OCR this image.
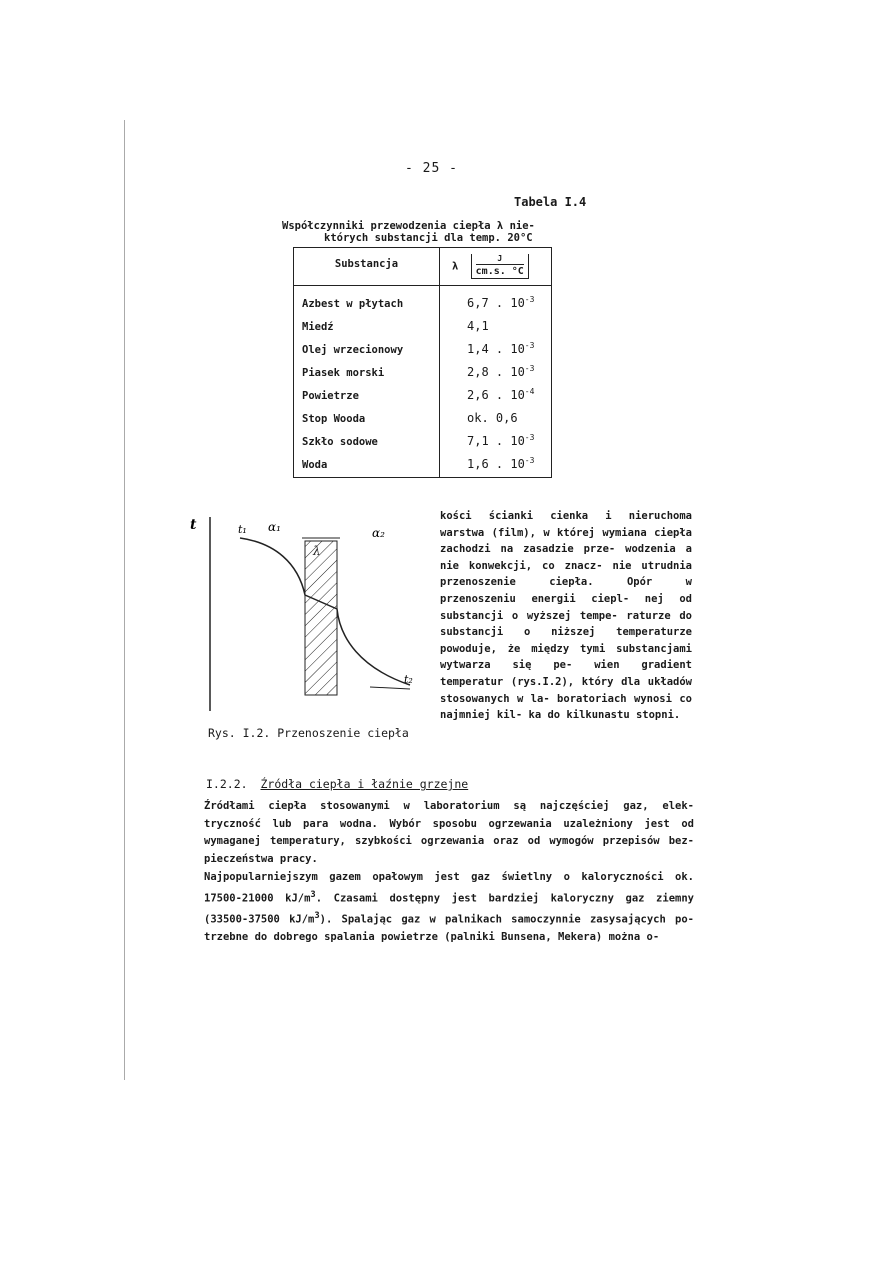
- 25 -
Tabela I.4
Współczynniki przewodzenia ciepła λ nie-
których substancji dla temp. 20°C
Substancja	λ $\frac{J}{cm.s. ^\circ C}$
Azbest w płytach	6,7 . $10^{-3}$
Miedź	4,1
Olej wrzecionowy	1,4 . $10^{-3}$
Piasek morski	2,8 . $10^{-3}$
Powietrze	2,6 . $10^{-4}$
Stop Wooda	ok. 0,6
Szkło sodowe	7,1 . $10^{-3}$
Woda	1,6 . $10^{-3}$
t	t₁ α₁	α₂
λ
t₂
Rys. I.2. Przenoszenie ciepła

kości ścianki cienka i nieruchoma warstwa (film), w której wymiana ciepła zachodzi na zasadzie prze- wodzenia a nie konwekcji, co znacz- nie utrudnia przenoszenie ciepła. Opór w przenoszeniu energii ciepl- nej od substancji o wyższej tempe- raturze do substancji o niższej temperaturze powoduje, że między tymi substancjami wytwarza się pe- wien gradient temperatur (rys.I.2), który dla układów stosowanych w la- boratoriach wynosi co najmniej kil- ka do kilkunastu stopni.

I.2.2. Źródła ciepła i łaźnie grzejne

Źródłami ciepła stosowanymi w laboratorium są najczęściej gaz, elek- tryczność lub para wodna. Wybór sposobu ogrzewania uzależniony jest od wymaganej temperatury, szybkości ogrzewania oraz od wymogów przepisów bez- pieczeństwa pracy.

Najpopularniejszym gazem opałowym jest gaz świetlny o kaloryczności ok. 17500-21000 $kJ/m^3$. Czasami dostępny jest bardziej kaloryczny gaz ziemny (33500-37500 $kJ/m^3$). Spalając gaz w palnikach samoczynnie zasysających po- trzebne do dobrego spalania powietrze (palniki Bunsena, Mekera) można o-
